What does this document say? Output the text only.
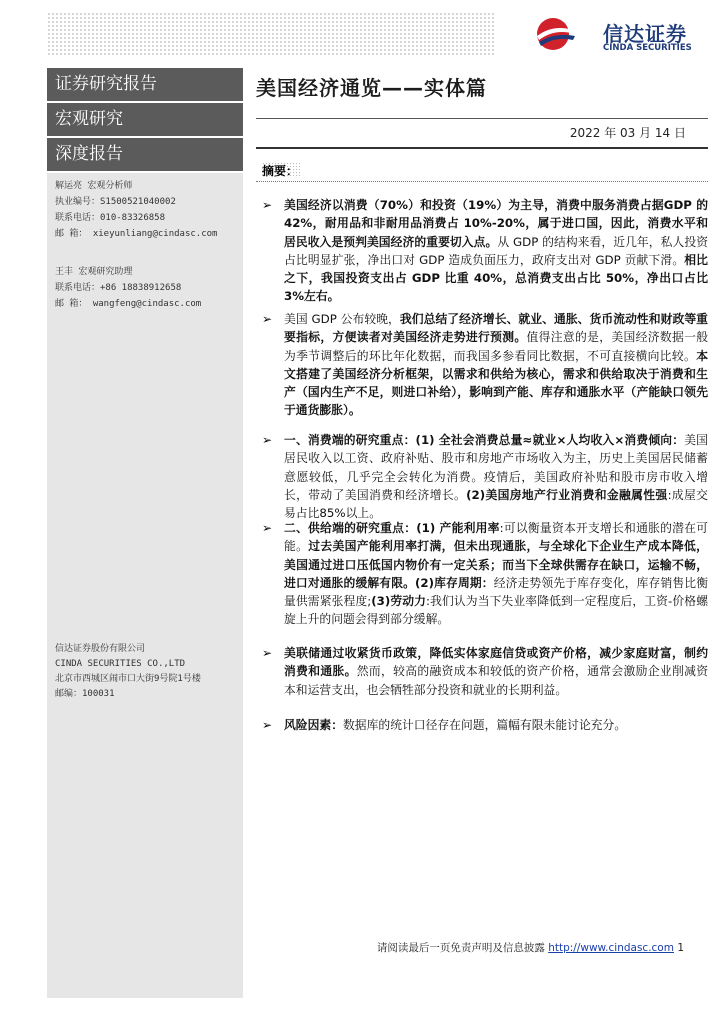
信达证券
CINDA SECURITIES
证券研究报告
宏观研究
深度报告
解运亮 宏观分析师
执业编号：S1500521040002
联系电话：010-83326858
邮 箱： xieyunliang@cindasc.com
王丰 宏观研究助理
联系电话：+86 18838912658
邮 箱： wangfeng@cindasc.com
信达证券股份有限公司
CINDA SECURITIES CO.,LTD
北京市西城区闹市口大街9号院1号楼
邮编：100031
美国经济通览——实体篇
2022 年 03 月 14 日
摘要：
➢ 美国经济以消费（70%）和投资（19%）为主导，消费中服务消费占据GDP 的 42%，耐用品和非耐用品消费占 10%-20%，属于进口国，因此，消费水平和居民收入是预判美国经济的重要切入点。从 GDP 的结构来看，近几年，私人投资占比明显扩张，净出口对 GDP 造成负面压力，政府支出对 GDP 贡献下滑。相比之下，我国投资支出占 GDP 比重 40%，总消费支出占比 50%，净出口占比 3%左右。
➢ 美国 GDP 公布较晚，我们总结了经济增长、就业、通胀、货币流动性和财政等重要指标，方便读者对美国经济走势进行预测。值得注意的是，美国经济数据一般为季节调整后的环比年化数据，而我国多参看同比数据，不可直接横向比较。本文搭建了美国经济分析框架，以需求和供给为核心，需求和供给取决于消费和生产（国内生产不足，则进口补给），影响到产能、库存和通胀水平（产能缺口领先于通货膨胀）。
➢ 一、消费端的研究重点：(1) 全社会消费总量≈就业×人均收入×消费倾向：美国居民收入以工资、政府补贴、股市和房地产市场收入为主，历史上美国居民储蓄意愿较低，几乎完全会转化为消费。疫情后，美国政府补贴和股市房市收入增长，带动了美国消费和经济增长。(2)美国房地产行业消费和金融属性强:成屋交易占比85%以上。
➢ 二、供给端的研究重点：(1) 产能利用率:可以衡量资本开支增长和通胀的潜在可能。过去美国产能利用率打满，但未出现通胀，与全球化下企业生产成本降低，美国通过进口压低国内物价有一定关系；而当下全球供需存在缺口，运输不畅，进口对通胀的缓解有限。(2)库存周期：经济走势领先于库存变化，库存销售比衡量供需紧张程度;(3)劳动力:我们认为当下失业率降低到一定程度后，工资-价格螺旋上升的问题会得到部分缓解。
➢ 美联储通过收紧货币政策，降低实体家庭信贷或资产价格，减少家庭财富，制约消费和通胀。然而，较高的融资成本和较低的资产价格，通常会激励企业削减资本和运营支出，也会牺牲部分投资和就业的长期利益。
➢ 风险因素：数据库的统计口径存在问题，篇幅有限未能讨论充分。
请阅读最后一页免责声明及信息披露 http://www.cindasc.com 1
